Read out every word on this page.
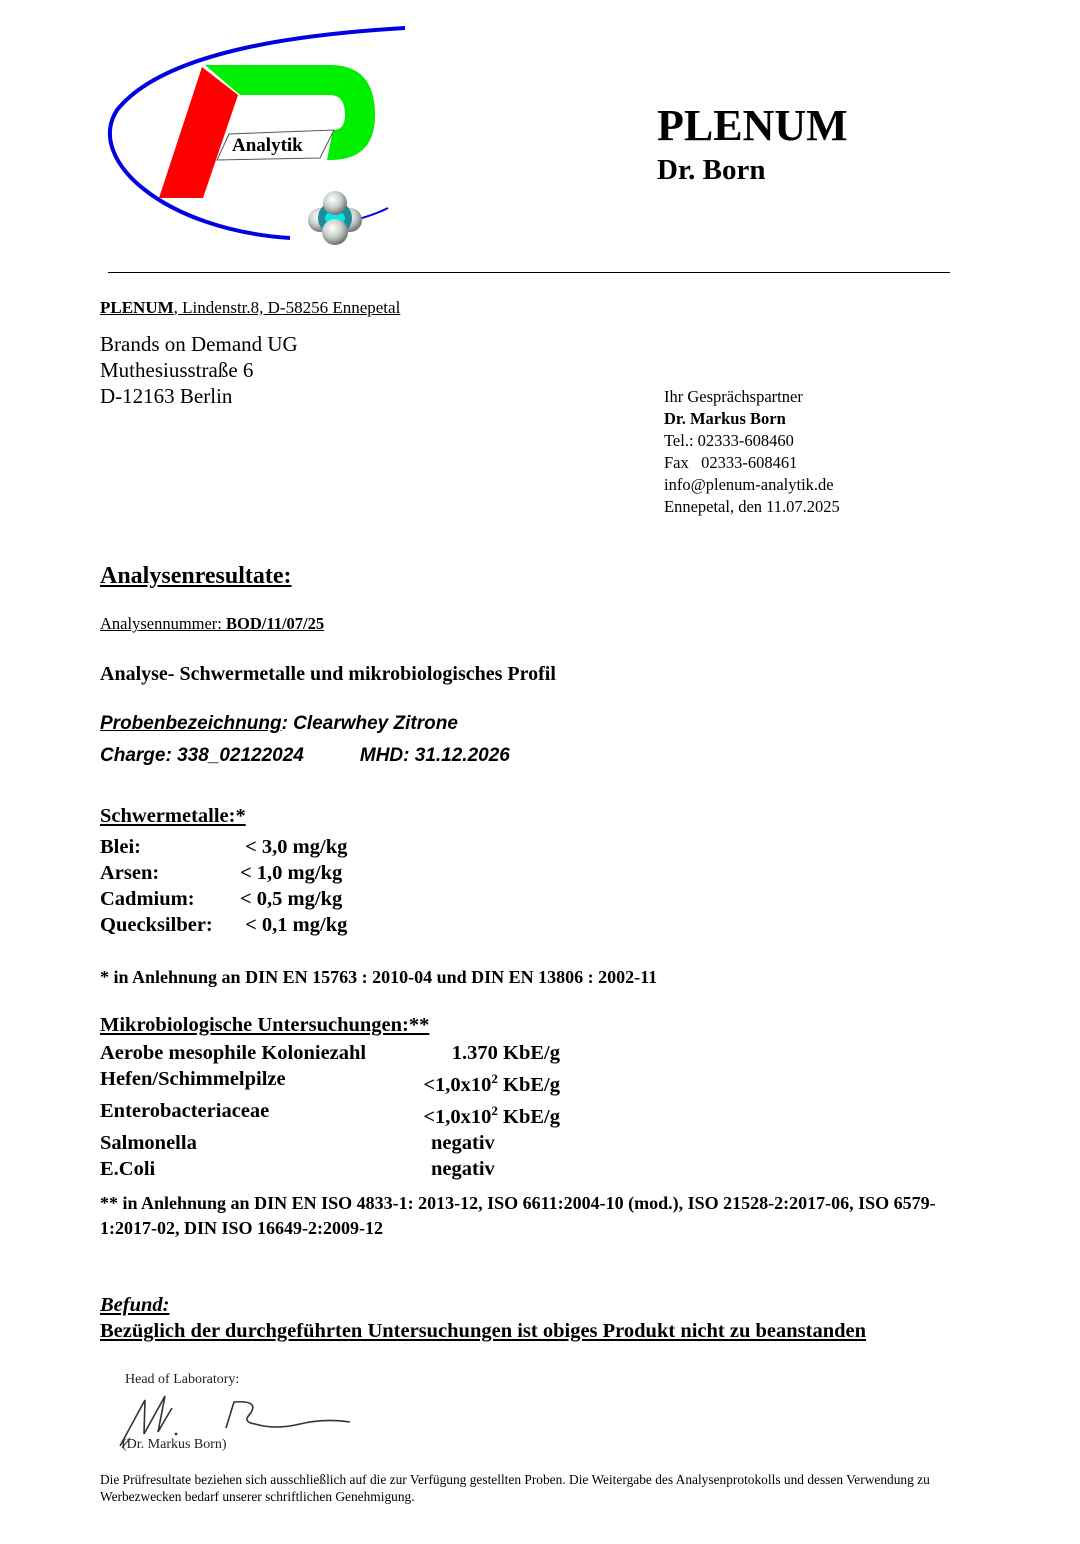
Analytik	PLENUM
Dr. Born
PLENUM, Lindenstr.8, D-58256 Ennepetal
Brands on Demand UG
Muthesiusstraße 6
D-12163 Berlin	Ihr Gesprächspartner
Dr. Markus Born
Tel.: 02333-608460
Fax   02333-608461
info@plenum-analytik.de
Ennepetal, den 11.07.2025
Analysenresultate:
Analysennummer: BOD/11/07/25
Analyse- Schwermetalle und mikrobiologisches Profil
Probenbezeichnung: Clearwhey Zitrone
Charge: 338_02122024	MHD: 31.12.2026
Schwermetalle:*
Blei:	< 3,0 mg/kg
Arsen:	< 1,0 mg/kg
Cadmium:	< 0,5 mg/kg
Quecksilber:	< 0,1 mg/kg
* in Anlehnung an DIN EN 15763 : 2010-04 und DIN EN 13806 : 2002-11
Mikrobiologische Untersuchungen:**
Aerobe mesophile Koloniezahl	1.370 KbE/g
Hefen/Schimmelpilze	$<1,0x10^2$ KbE/g
Enterobacteriaceae	$<1,0x10^2$ KbE/g
Salmonella	negativ
E.Coli	negativ
** in Anlehnung an DIN EN ISO 4833-1: 2013-12, ISO 6611:2004-10 (mod.), ISO 21528-2:2017-06, ISO 6579-1:2017-02, DIN ISO 16649-2:2009-12
Befund:
Bezüglich der durchgeführten Untersuchungen ist obiges Produkt nicht zu beanstanden
Head of Laboratory:
(Dr. Markus Born)
Die Prüfresultate beziehen sich ausschließlich auf die zur Verfügung gestellten Proben. Die Weitergabe des Analysenprotokolls und dessen Verwendung zu Werbezwecken bedarf unserer schriftlichen Genehmigung.
